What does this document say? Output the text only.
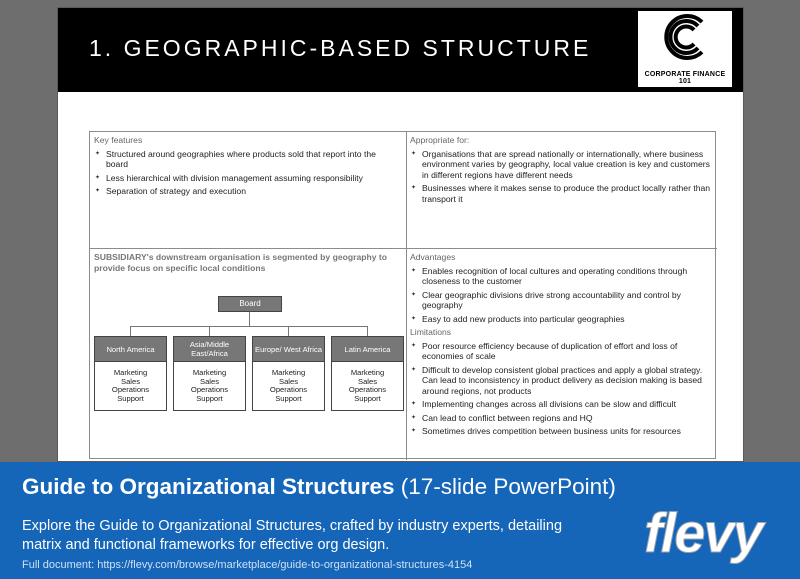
1. GEOGRAPHIC-BASED STRUCTURE
CORPORATE FINANCE 101
Key features
✦ Structured around geographies where products sold that report into the board
✦ Less hierarchical with division management assuming responsibility
✦ Separation of strategy and execution
Appropriate for:
✦ Organisations that are spread nationally or internationally, where business environment varies by geography, local value creation is key and customers in different regions have different needs
✦ Businesses where it makes sense to produce the product locally rather than transport it
SUBSIDIARY's downstream organisation is segmented by geography to provide focus on specific local conditions
Board
North America
Marketing
Sales
Operations
Support
Asia/Middle East/Africa
Marketing
Sales
Operations
Support
Europe/ West Africa
Marketing
Sales
Operations
Support
Latin America
Marketing
Sales
Operations
Support
Advantages
✦ Enables recognition of local cultures and operating conditions through closeness to the customer
✦ Clear geographic divisions drive strong accountability and control by geography
✦ Easy to add new products into particular geographies
Limitations
✦ Poor resource efficiency because of duplication of effort and loss of economies of scale
✦ Difficult to develop consistent global practices and apply a global strategy. Can lead to inconsistency in product delivery as decision making is based around regions, not products
✦ Implementing changes across all divisions can be slow and difficult
✦ Can lead to conflict between regions and HQ
✦ Sometimes drives competition between business units for resources
Guide to Organizational Structures (17-slide PowerPoint)
Explore the Guide to Organizational Structures, crafted by industry experts, detailing matrix and functional frameworks for effective org design.
Full document: https://flevy.com/browse/marketplace/guide-to-organizational-structures-4154
flevy
